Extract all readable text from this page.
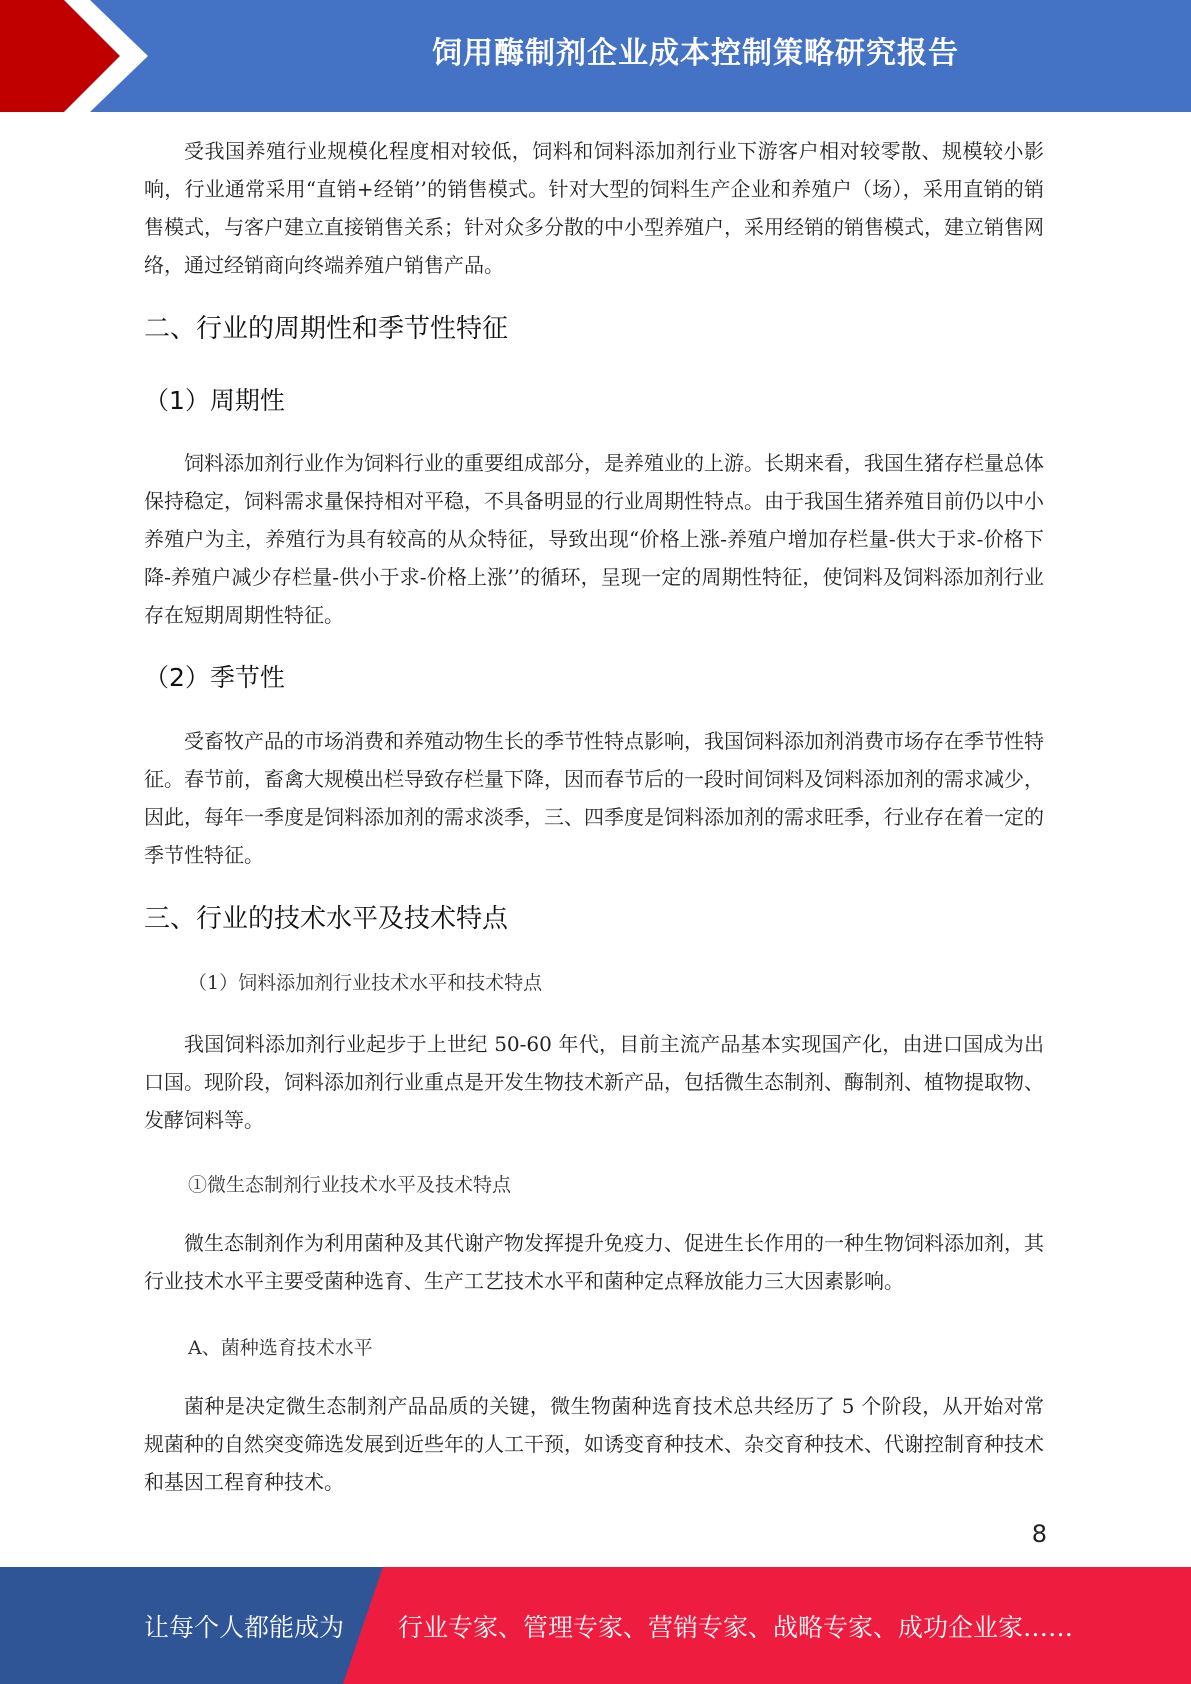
饲用酶制剂企业成本控制策略研究报告

受我国养殖行业规模化程度相对较低，饲料和饲料添加剂行业下游客户相对较零散、规模较小影响，行业通常采用“直销+经销’’的销售模式。针对大型的饲料生产企业和养殖户（场），采用直销的销售模式，与客户建立直接销售关系；针对众多分散的中小型养殖户，采用经销的销售模式，建立销售网络，通过经销商向终端养殖户销售产品。

二、行业的周期性和季节性特征
（1）周期性

饲料添加剂行业作为饲料行业的重要组成部分，是养殖业的上游。长期来看，我国生猪存栏量总体保持稳定，饲料需求量保持相对平稳，不具备明显的行业周期性特点。由于我国生猪养殖目前仍以中小养殖户为主，养殖行为具有较高的从众特征，导致出现“价格上涨-养殖户增加存栏量-供大于求-价格下降-养殖户减少存栏量-供小于求-价格上涨’’的循环，呈现一定的周期性特征，使饲料及饲料添加剂行业存在短期周期性特征。

（2）季节性

受畜牧产品的市场消费和养殖动物生长的季节性特点影响，我国饲料添加剂消费市场存在季节性特征。春节前，畜禽大规模出栏导致存栏量下降，因而春节后的一段时间饲料及饲料添加剂的需求减少，因此，每年一季度是饲料添加剂的需求淡季，三、四季度是饲料添加剂的需求旺季，行业存在着一定的季节性特征。

三、行业的技术水平及技术特点
（1）饲料添加剂行业技术水平和技术特点

我国饲料添加剂行业起步于上世纪 50-60 年代，目前主流产品基本实现国产化，由进口国成为出口国。现阶段，饲料添加剂行业重点是开发生物技术新产品，包括微生态制剂、酶制剂、植物提取物、发酵饲料等。

①微生态制剂行业技术水平及技术特点

微生态制剂作为利用菌种及其代谢产物发挥提升免疫力、促进生长作用的一种生物饲料添加剂，其行业技术水平主要受菌种选育、生产工艺技术水平和菌种定点释放能力三大因素影响。

A、菌种选育技术水平

菌种是决定微生态制剂产品品质的关键，微生物菌种选育技术总共经历了 5 个阶段，从开始对常规菌种的自然突变筛选发展到近些年的人工干预，如诱变育种技术、杂交育种技术、代谢控制育种技术和基因工程育种技术。

8
让每个人都能成为 行业专家、管理专家、营销专家、战略专家、成功企业家……
